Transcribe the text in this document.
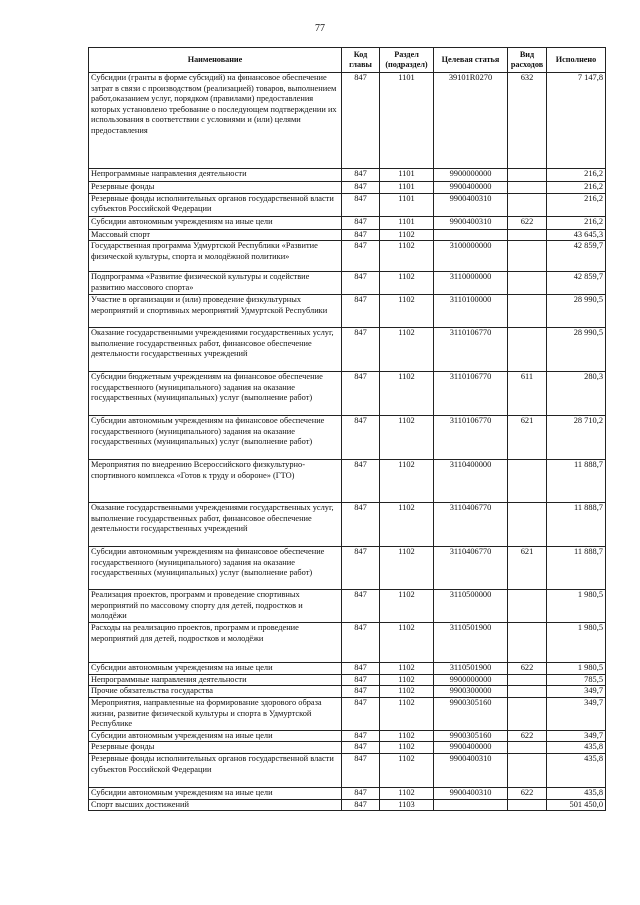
77
Наименование	Код главы	Раздел (подраздел)	Целевая статья	Вид расходов	Исполнено
Субсидии (гранты в форме субсидий) на финансовое обеспечение затрат в связи с производством (реализацией) товаров, выполнением работ,оказанием услуг, порядком (правилами) предоставления которых установлено требование о последующем подтверждении их использования в соответствии с условиями и (или) целями предоставления	847	1101	39101R0270	632	7 147,8
Непрограммные направления деятельности	847	1101	9900000000		216,2
Резервные фонды	847	1101	9900400000		216,2
Резервные фонды исполнительных органов государственной власти субъектов Российской Федерации	847	1101	9900400310		216,2
Субсидии автономным учреждениям на иные цели	847	1101	9900400310	622	216,2
Массовый спорт	847	1102			43 645,3
Государственная программа Удмуртской Республики «Развитие физической культуры, спорта и молодёжной политики»	847	1102	3100000000		42 859,7
Подпрограмма «Развитие физической культуры и содействие развитию массового спорта»	847	1102	3110000000		42 859,7
Участие в организации и (или) проведение физкультурных мероприятий и спортивных мероприятий Удмуртской Республики	847	1102	3110100000		28 990,5
Оказание государственными учреждениями государственных услуг, выполнение государственных работ, финансовое обеспечение деятельности государственных учреждений	847	1102	3110106770		28 990,5
Субсидии бюджетным учреждениям на финансовое обеспечение государственного (муниципального) задания на оказание государственных (муниципальных) услуг (выполнение работ)	847	1102	3110106770	611	280,3
Субсидии автономным учреждениям на финансовое обеспечение государственного (муниципального) задания на оказание государственных (муниципальных) услуг (выполнение работ)	847	1102	3110106770	621	28 710,2
Мероприятия по внедрению Всероссийского физкультурно-спортивного комплекса «Готов к труду и обороне» (ГТО)	847	1102	3110400000		11 888,7
Оказание государственными учреждениями государственных услуг, выполнение государственных работ, финансовое обеспечение деятельности государственных учреждений	847	1102	3110406770		11 888,7
Субсидии автономным учреждениям на финансовое обеспечение государственного (муниципального) задания на оказание государственных (муниципальных) услуг (выполнение работ)	847	1102	3110406770	621	11 888,7
Реализация проектов, программ и проведение спортивных мероприятий по массовому спорту для детей, подростков и молодёжи	847	1102	3110500000		1 980,5
Расходы на реализацию проектов, программ и проведение мероприятий для детей, подростков и молодёжи	847	1102	3110501900		1 980,5
Субсидии автономным учреждениям на иные цели	847	1102	3110501900	622	1 980,5
Непрограммные направления деятельности	847	1102	9900000000		785,5
Прочие обязательства государства	847	1102	9900300000		349,7
Мероприятия, направленные на формирование здорового образа жизни, развитие физической культуры и спорта в Удмуртской Республике	847	1102	9900305160		349,7
Субсидии автономным учреждениям на иные цели	847	1102	9900305160	622	349,7
Резервные фонды	847	1102	9900400000		435,8
Резервные фонды исполнительных органов государственной власти субъектов Российской Федерации	847	1102	9900400310		435,8
Субсидии автономным учреждениям на иные цели	847	1102	9900400310	622	435,8
Спорт высших достижений	847	1103			501 450,0
